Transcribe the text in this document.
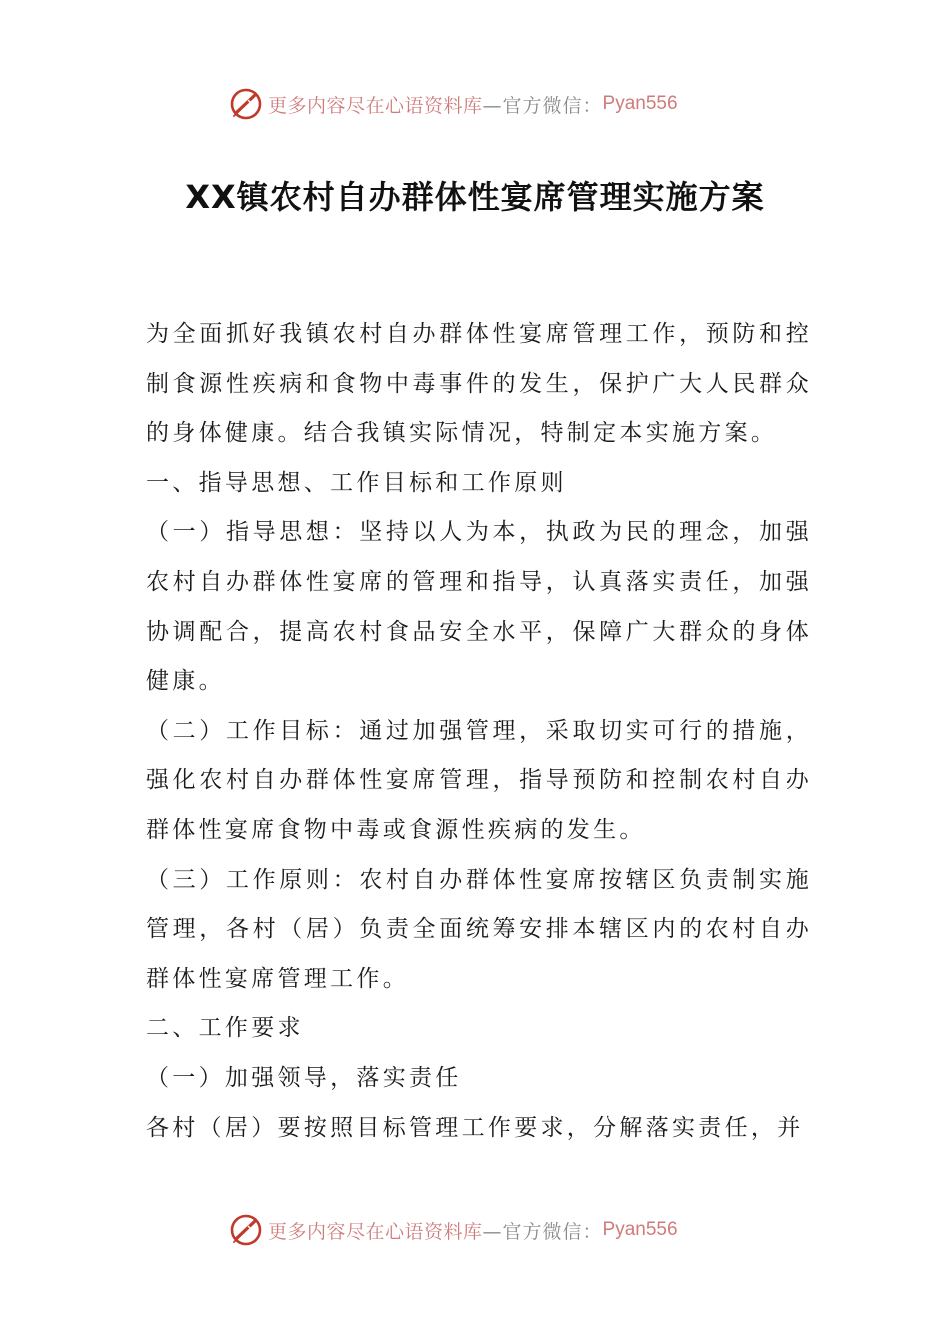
更多内容尽在心语资料库 —官方微信： Pyan556
XX镇农村自办群体性宴席管理实施方案

为全面抓好我镇农村自办群体性宴席管理工作，预防和控制食源性疾病和食物中毒事件的发生，保护广大人民群众的身体健康。结合我镇实际情况，特制定本实施方案。

一、指导思想、工作目标和工作原则

（一）指导思想：坚持以人为本，执政为民的理念，加强农村自办群体性宴席的管理和指导，认真落实责任，加强协调配合，提高农村食品安全水平，保障广大群众的身体健康。

（二）工作目标：通过加强管理，采取切实可行的措施，强化农村自办群体性宴席管理，指导预防和控制农村自办群体性宴席食物中毒或食源性疾病的发生。

（三）工作原则：农村自办群体性宴席按辖区负责制实施管理，各村（居）负责全面统筹安排本辖区内的农村自办群体性宴席管理工作。

二、工作要求

（一）加强领导，落实责任

各村（居）要按照目标管理工作要求，分解落实责任，并

更多内容尽在心语资料库 —官方微信： Pyan556
